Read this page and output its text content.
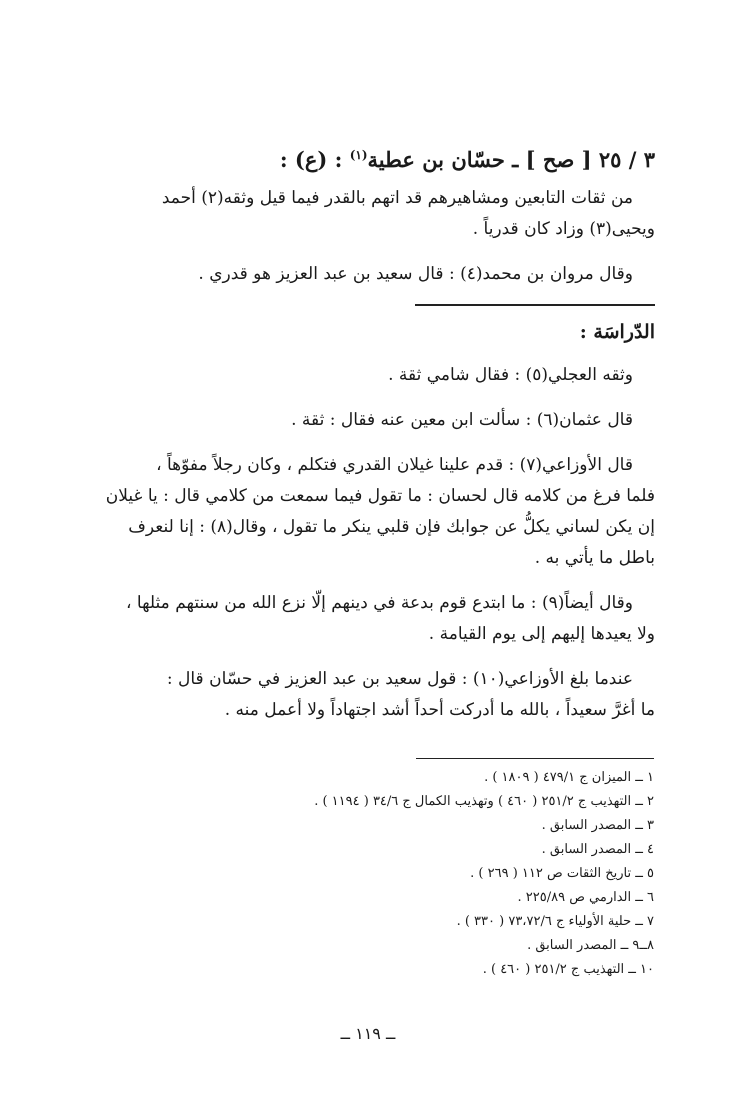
٣ / ٢٥ [ صح ] ـ حسّان بن عطية$^{(١)}$ : (ع) :
من ثقات التابعين ومشاهيرهم قد اتهم بالقدر فيما قيل وثقه(٢) أحمد
ويحيى(٣) وزاد كان قدرياً .
وقال مروان بن محمد(٤) : قال سعيد بن عبد العزيز هو قدري .
الدّراسَة :
وثقه العجلي(٥) : فقال شامي ثقة .
قال عثمان(٦) : سألت ابن معين عنه فقال : ثقة .
قال الأوزاعي(٧) : قدم علينا غيلان القدري فتكلم ، وكان رجلاً مفوّهاً ،
فلما فرغ من كلامه قال لحسان : ما تقول فيما سمعت من كلامي قال : يا غيلان
إن يكن لساني يكلُّ عن جوابك فإن قلبي ينكر ما تقول ، وقال(٨) : إنا لنعرف
باطل ما يأتي به .
وقال أيضاً(٩) : ما ابتدع قوم بدعة في دينهم إلّا نزع الله من سنتهم مثلها ،
ولا يعيدها إليهم إلى يوم القيامة .
عندما بلغ الأوزاعي(١٠) : قول سعيد بن عبد العزيز في حسّان قال :
ما أغرَّ سعيداً ، بالله ما أدركت أحداً أشد اجتهاداً ولا أعمل منه .
١ ــ الميزان ج ٤٧٩/١ ( ١٨٠٩ ) .
٢ ــ التهذيب ج ٢٥١/٢ ( ٤٦٠ ) وتهذيب الكمال ج ٣٤/٦ ( ١١٩٤ ) .
٣ ــ المصدر السابق .
٤ ــ المصدر السابق .
٥ ــ تاريخ الثقات ص ١١٢ ( ٢٦٩ ) .
٦ ــ الدارمي ص ٢٢٥/٨٩ .
٧ ــ حلية الأولياء ج ٧٣،٧٢/٦ ( ٣٣٠ ) .
٨ــ٩ ــ المصدر السابق .
١٠ ــ التهذيب ج ٢٥١/٢ ( ٤٦٠ ) .
ــ ١١٩ ــ
